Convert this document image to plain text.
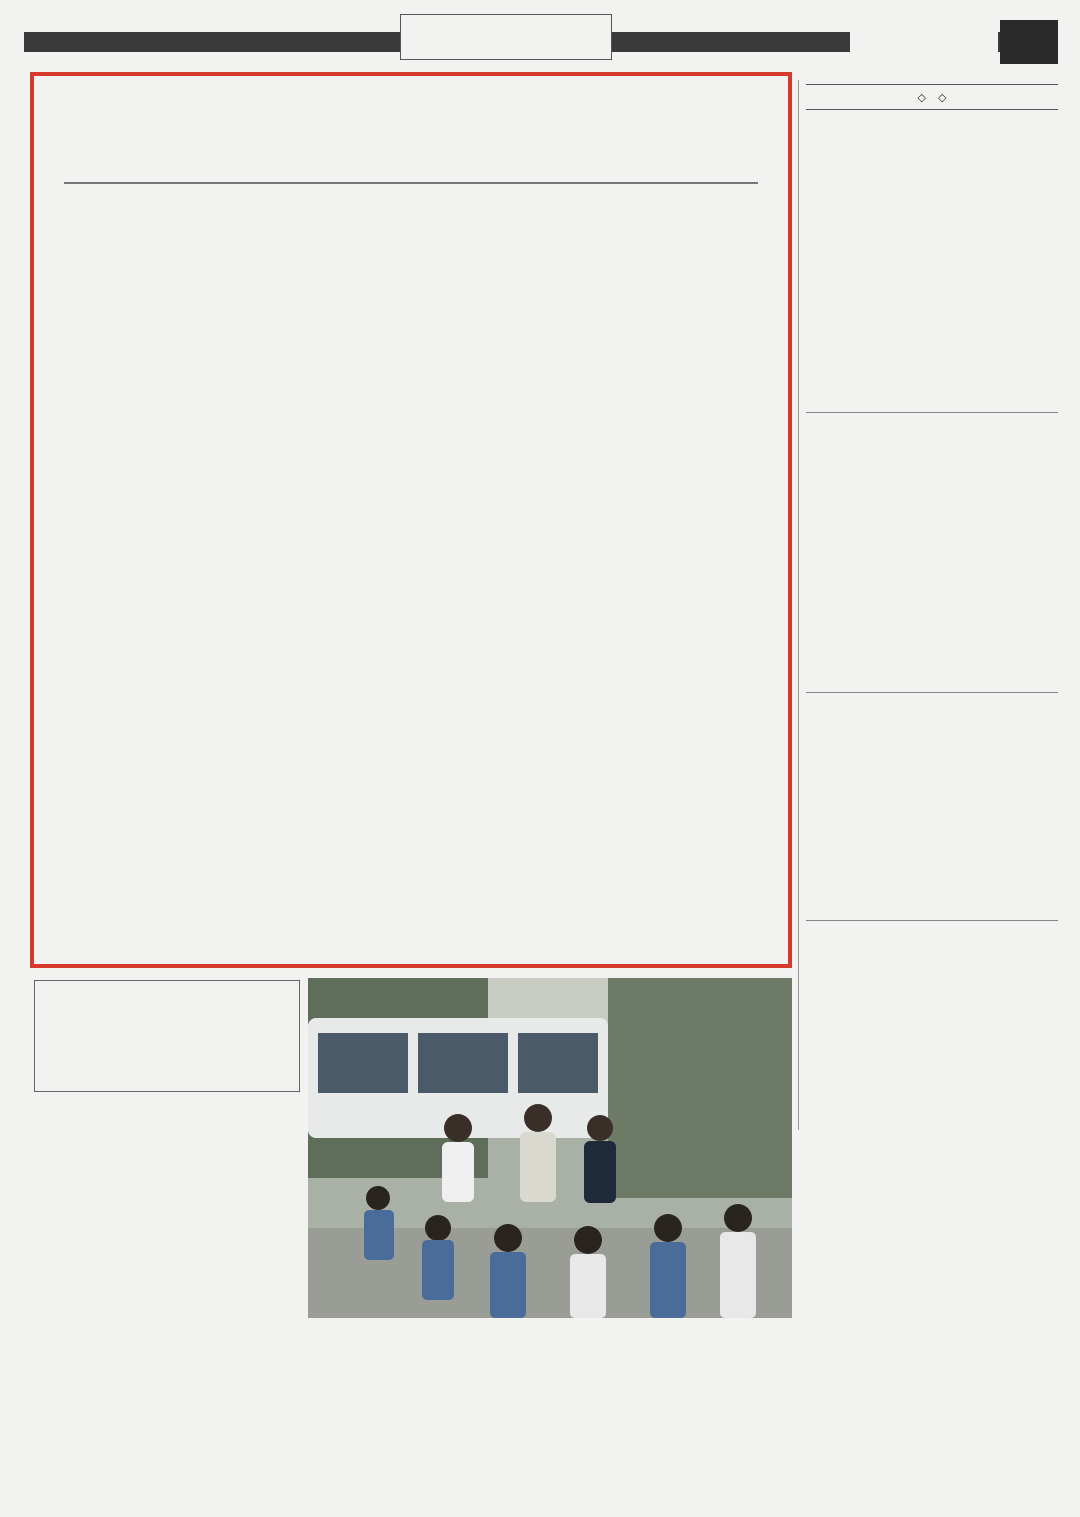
◇ ◇
